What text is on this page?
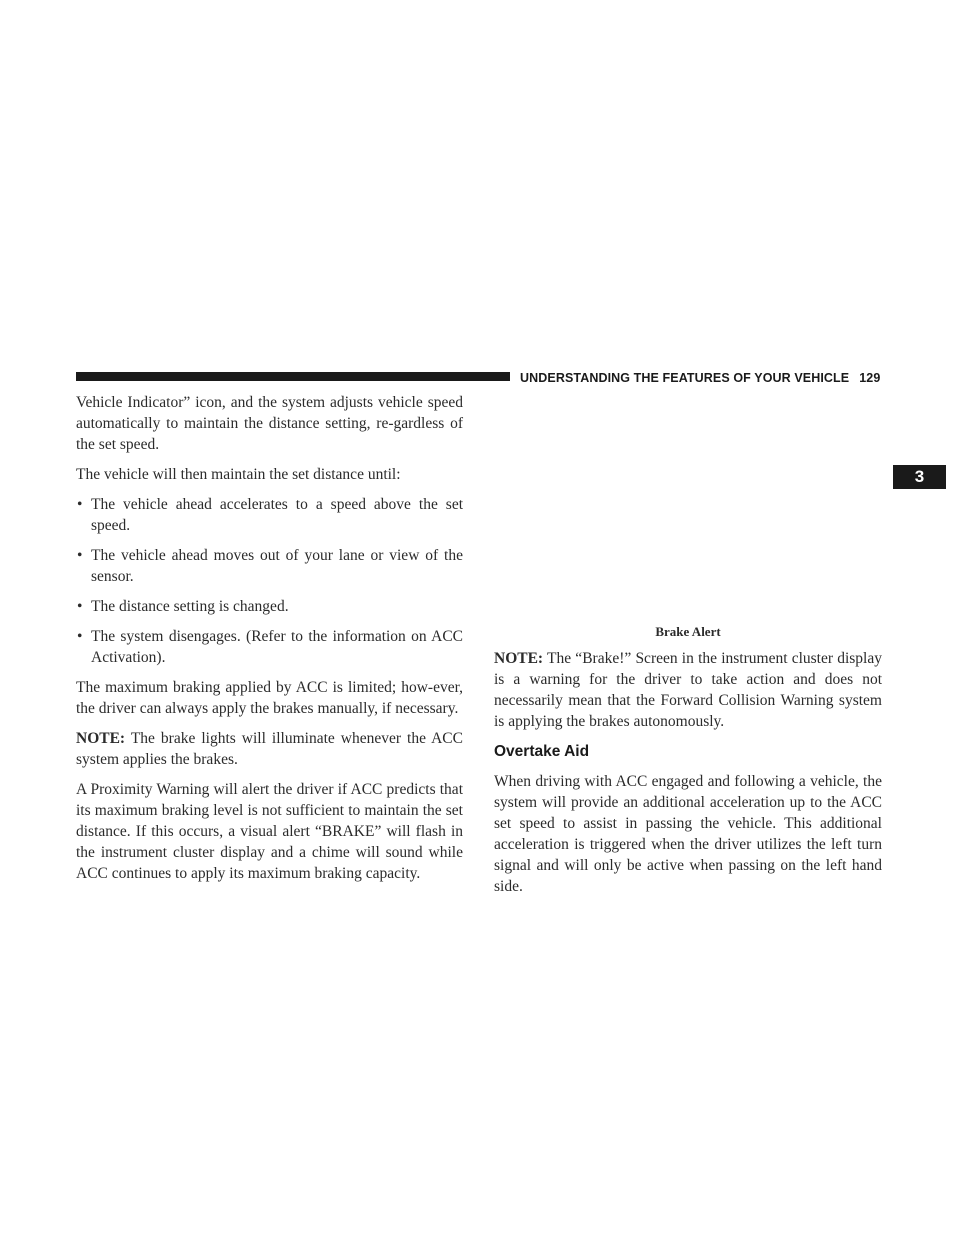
UNDERSTANDING THE FEATURES OF YOUR VEHICLE 129
3

Vehicle Indicator” icon, and the system adjusts vehicle speed automatically to maintain the distance setting, re-gardless of the set speed.

The vehicle will then maintain the set distance until:

• The vehicle ahead accelerates to a speed above the set speed.
• The vehicle ahead moves out of your lane or view of the sensor.
• The distance setting is changed.
• The system disengages. (Refer to the information on ACC Activation).

The maximum braking applied by ACC is limited; how-ever, the driver can always apply the brakes manually, if necessary.

NOTE: The brake lights will illuminate whenever the ACC system applies the brakes.

A Proximity Warning will alert the driver if ACC predicts that its maximum braking level is not sufficient to maintain the set distance. If this occurs, a visual alert “BRAKE” will flash in the instrument cluster display and a chime will sound while ACC continues to apply its maximum braking capacity.

Brake Alert

NOTE: The “Brake!” Screen in the instrument cluster display is a warning for the driver to take action and does not necessarily mean that the Forward Collision Warning system is applying the brakes autonomously.

Overtake Aid

When driving with ACC engaged and following a vehicle, the system will provide an additional acceleration up to the ACC set speed to assist in passing the vehicle. This additional acceleration is triggered when the driver utilizes the left turn signal and will only be active when passing on the left hand side.
